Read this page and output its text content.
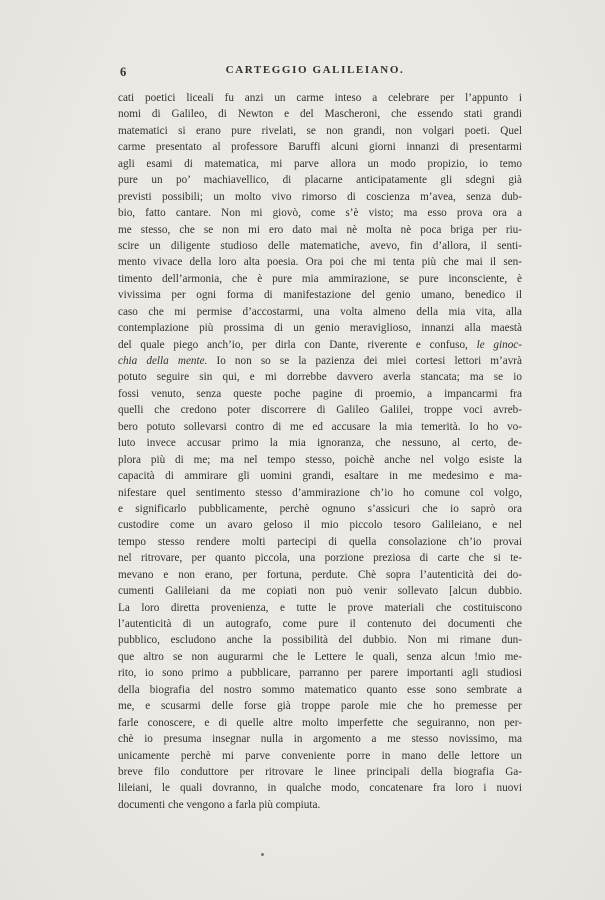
6	CARTEGGIO GALILEIANO.
cati poetici liceali fu anzi un carme inteso a celebrare per l’appunto i
nomi di Galileo, di Newton e del Mascheroni, che essendo stati grandi
matematici si erano pure rivelati, se non grandi, non volgari poeti. Quel
carme presentato al professore Baruffi alcuni giorni innanzi di presentarmi
agli esami di matematica, mi parve allora un modo propizio, io temo
pure un po’ machiavellico, di placarne anticipatamente gli sdegni già
previsti possibili; un molto vivo rimorso di coscienza m’avea, senza dub-
bio, fatto cantare. Non mi giovò, come s’è visto; ma esso prova ora a
me stesso, che se non mi ero dato mai nè molta nè poca briga per riu-
scire un diligente studioso delle matematiche, avevo, fin d’allora, il senti-
mento vivace della loro alta poesia. Ora poi che mi tenta più che mai il sen-
timento dell’armonia, che è pure mia ammirazione, se pure inconsciente, è
vivissima per ogni forma di manifestazione del genio umano, benedico il
caso che mi permise d’accostarmi, una volta almeno della mia vita, alla
contemplazione più prossima di un genio meraviglioso, innanzi alla maestà
del quale piego anch’io, per dirla con Dante, riverente e confuso, le ginoc-
chia della mente. Io non so se la pazienza dei miei cortesi lettori m’avrà
potuto seguire sin qui, e mi dorrebbe davvero averla stancata; ma se io
fossi venuto, senza queste poche pagine di proemio, a impancarmi fra
quelli che credono poter discorrere di Galileo Galilei, troppe voci avreb-
bero potuto sollevarsi contro di me ed accusare la mia temerità. Io ho vo-
luto invece accusar primo la mia ignoranza, che nessuno, al certo, de-
plora più di me; ma nel tempo stesso, poichè anche nel volgo esiste la
capacità di ammirare gli uomini grandi, esaltare in me medesimo e ma-
nifestare quel sentimento stesso d’ammirazione ch’io ho comune col volgo,
e significarlo pubblicamente, perchè ognuno s’assicuri che io saprò ora
custodire come un avaro geloso il mio piccolo tesoro Galileiano, e nel
tempo stesso rendere molti partecipi di quella consolazione ch’io provai
nel ritrovare, per quanto piccola, una porzione preziosa di carte che si te-
mevano e non erano, per fortuna, perdute. Chè sopra l’autenticità dei do-
cumenti Galileiani da me copiati non può venir sollevato [alcun dubbio.
La loro diretta provenienza, e tutte le prove materiali che costituiscono
l’autenticità di un autografo, come pure il contenuto dei documenti che
pubblico, escludono anche la possibilità del dubbio. Non mi rimane dun-
que altro se non augurarmi che le Lettere le quali, senza alcun !mio me-
rito, io sono primo a pubblicare, parranno per parere importanti agli studiosi
della biografia del nostro sommo matematico quanto esse sono sembrate a
me, e scusarmi delle forse già troppe parole mie che ho premesse per
farle conoscere, e di quelle altre molto imperfette che seguiranno, non per-
chè io presuma insegnar nulla in argomento a me stesso novissimo, ma
unicamente perchè mi parve conveniente porre in mano delle lettore un
breve filo conduttore per ritrovare le linee principali della biografia Ga-
lileiani, le quali dovranno, in qualche modo, concatenare fra loro i nuovi
documenti che vengono a farla più compiuta.
